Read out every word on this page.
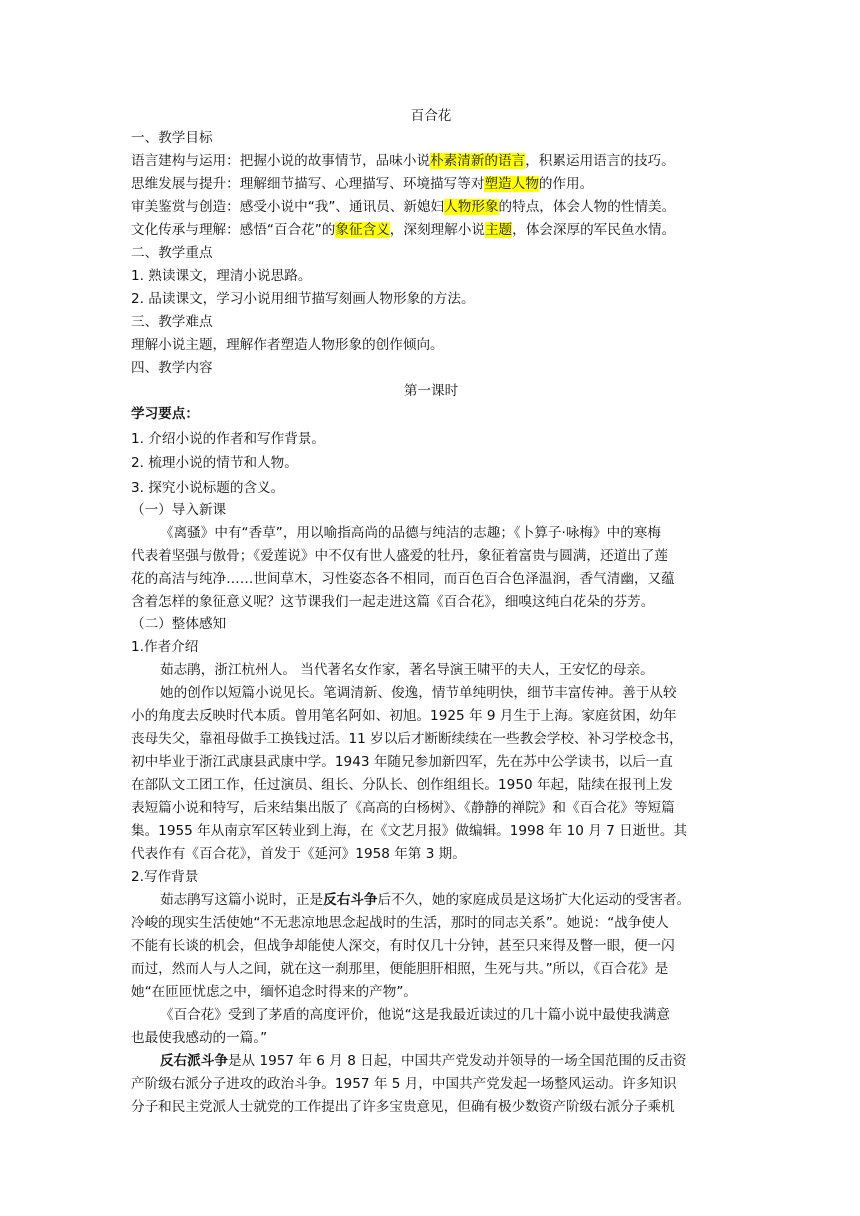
百合花
一、教学目标
语言建构与运用：把握小说的故事情节，品味小说朴素清新的语言，积累运用语言的技巧。
思维发展与提升：理解细节描写、心理描写、环境描写等对塑造人物的作用。
审美鉴赏与创造：感受小说中“我”、通讯员、新媳妇人物形象的特点，体会人物的性情美。
文化传承与理解：感悟“百合花”的象征含义，深刻理解小说主题，体会深厚的军民鱼水情。
二、教学重点
1. 熟读课文，理清小说思路。
2. 品读课文，学习小说用细节描写刻画人物形象的方法。
三、教学难点
理解小说主题，理解作者塑造人物形象的创作倾向。
四、教学内容
第一课时
学习要点：
1. 介绍小说的作者和写作背景。
2. 梳理小说的情节和人物。
3. 探究小说标题的含义。
（一）导入新课
《离骚》中有“香草”，用以喻指高尚的品德与纯洁的志趣；《卜算子·咏梅》中的寒梅
代表着坚强与傲骨；《爱莲说》中不仅有世人盛爱的牡丹，象征着富贵与圆满，还道出了莲
花的高洁与纯净……世间草木，习性姿态各不相同，而百色百合色泽温润，香气清幽，又蕴
含着怎样的象征意义呢？这节课我们一起走进这篇《百合花》，细嗅这纯白花朵的芬芳。
（二）整体感知
1.作者介绍
茹志鹃，浙江杭州人。 当代著名女作家，著名导演王啸平的夫人，王安忆的母亲。
她的创作以短篇小说见长。笔调清新、俊逸，情节单纯明快，细节丰富传神。善于从较
小的角度去反映时代本质。曾用笔名阿如、初旭。1925 年 9 月生于上海。家庭贫困，幼年
丧母失父，靠祖母做手工换钱过活。11 岁以后才断断续续在一些教会学校、补习学校念书，
初中毕业于浙江武康县武康中学。1943 年随兄参加新四军，先在苏中公学读书，以后一直
在部队文工团工作，任过演员、组长、分队长、创作组组长。1950 年起，陆续在报刊上发
表短篇小说和特写，后来结集出版了《高高的白杨树》、《静静的禅院》和《百合花》等短篇
集。1955 年从南京军区转业到上海，在《文艺月报》做编辑。1998 年 10 月 7 日逝世。其
代表作有《百合花》，首发于《延河》1958 年第 3 期。
2.写作背景
茹志鹃写这篇小说时，正是反右斗争后不久，她的家庭成员是这场扩大化运动的受害者。
冷峻的现实生活使她“不无悲凉地思念起战时的生活，那时的同志关系”。她说：“战争使人
不能有长谈的机会，但战争却能使人深交，有时仅几十分钟，甚至只来得及瞥一眼，便一闪
而过，然而人与人之间，就在这一刹那里，便能胆肝相照，生死与共。”所以，《百合花》是
她“在匝匝忧虑之中，缅怀追念时得来的产物”。
《百合花》受到了茅盾的高度评价，他说“这是我最近读过的几十篇小说中最使我满意
也最使我感动的一篇。”
反右派斗争是从 1957 年 6 月 8 日起，中国共产党发动并领导的一场全国范围的反击资
产阶级右派分子进攻的政治斗争。1957 年 5 月，中国共产党发起一场整风运动。许多知识
分子和民主党派人士就党的工作提出了许多宝贵意见，但确有极少数资产阶级右派分子乘机
